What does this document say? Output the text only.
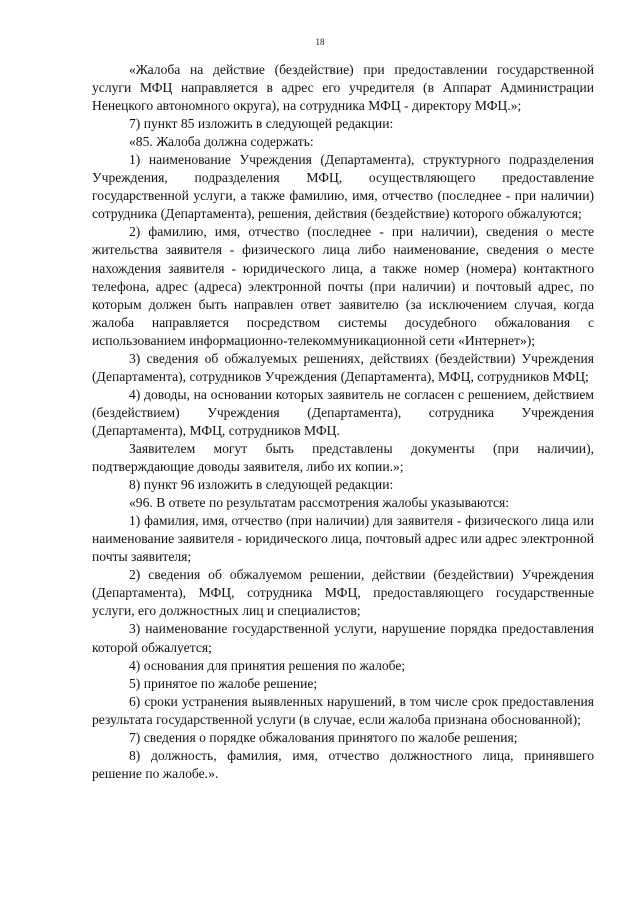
18

«Жалоба на действие (бездействие) при предоставлении государственной услуги МФЦ направляется в адрес его учредителя (в Аппарат Администрации Ненецкого автономного округа), на сотрудника МФЦ - директору МФЦ.»;

7) пункт 85 изложить в следующей редакции:

«85. Жалоба должна содержать:

1) наименование Учреждения (Департамента), структурного подразделения Учреждения, подразделения МФЦ, осуществляющего предоставление государственной услуги, а также фамилию, имя, отчество (последнее - при наличии) сотрудника (Департамента), решения, действия (бездействие) которого обжалуются;

2) фамилию, имя, отчество (последнее - при наличии), сведения о месте жительства заявителя - физического лица либо наименование, сведения о месте нахождения заявителя - юридического лица, а также номер (номера) контактного телефона, адрес (адреса) электронной почты (при наличии) и почтовый адрес, по которым должен быть направлен ответ заявителю (за исключением случая, когда жалоба направляется посредством системы досудебного обжалования с использованием информационно-телекоммуникационной сети «Интернет»);

3) сведения об обжалуемых решениях, действиях (бездействии) Учреждения (Департамента), сотрудников Учреждения (Департамента), МФЦ, сотрудников МФЦ;

4) доводы, на основании которых заявитель не согласен с решением, действием (бездействием) Учреждения (Департамента), сотрудника Учреждения (Департамента), МФЦ, сотрудников МФЦ.

Заявителем могут быть представлены документы (при наличии), подтверждающие доводы заявителя, либо их копии.»;

8) пункт 96 изложить в следующей редакции:

«96. В ответе по результатам рассмотрения жалобы указываются:

1) фамилия, имя, отчество (при наличии) для заявителя - физического лица или наименование заявителя - юридического лица, почтовый адрес или адрес электронной почты заявителя;

2) сведения об обжалуемом решении, действии (бездействии) Учреждения (Департамента), МФЦ, сотрудника МФЦ, предоставляющего государственные услуги, его должностных лиц и специалистов;

3) наименование государственной услуги, нарушение порядка предоставления которой обжалуется;

4) основания для принятия решения по жалобе;

5) принятое по жалобе решение;

6) сроки устранения выявленных нарушений, в том числе срок предоставления результата государственной услуги (в случае, если жалоба признана обоснованной);

7) сведения о порядке обжалования принятого по жалобе решения;

8) должность, фамилия, имя, отчество должностного лица, принявшего решение по жалобе.».
